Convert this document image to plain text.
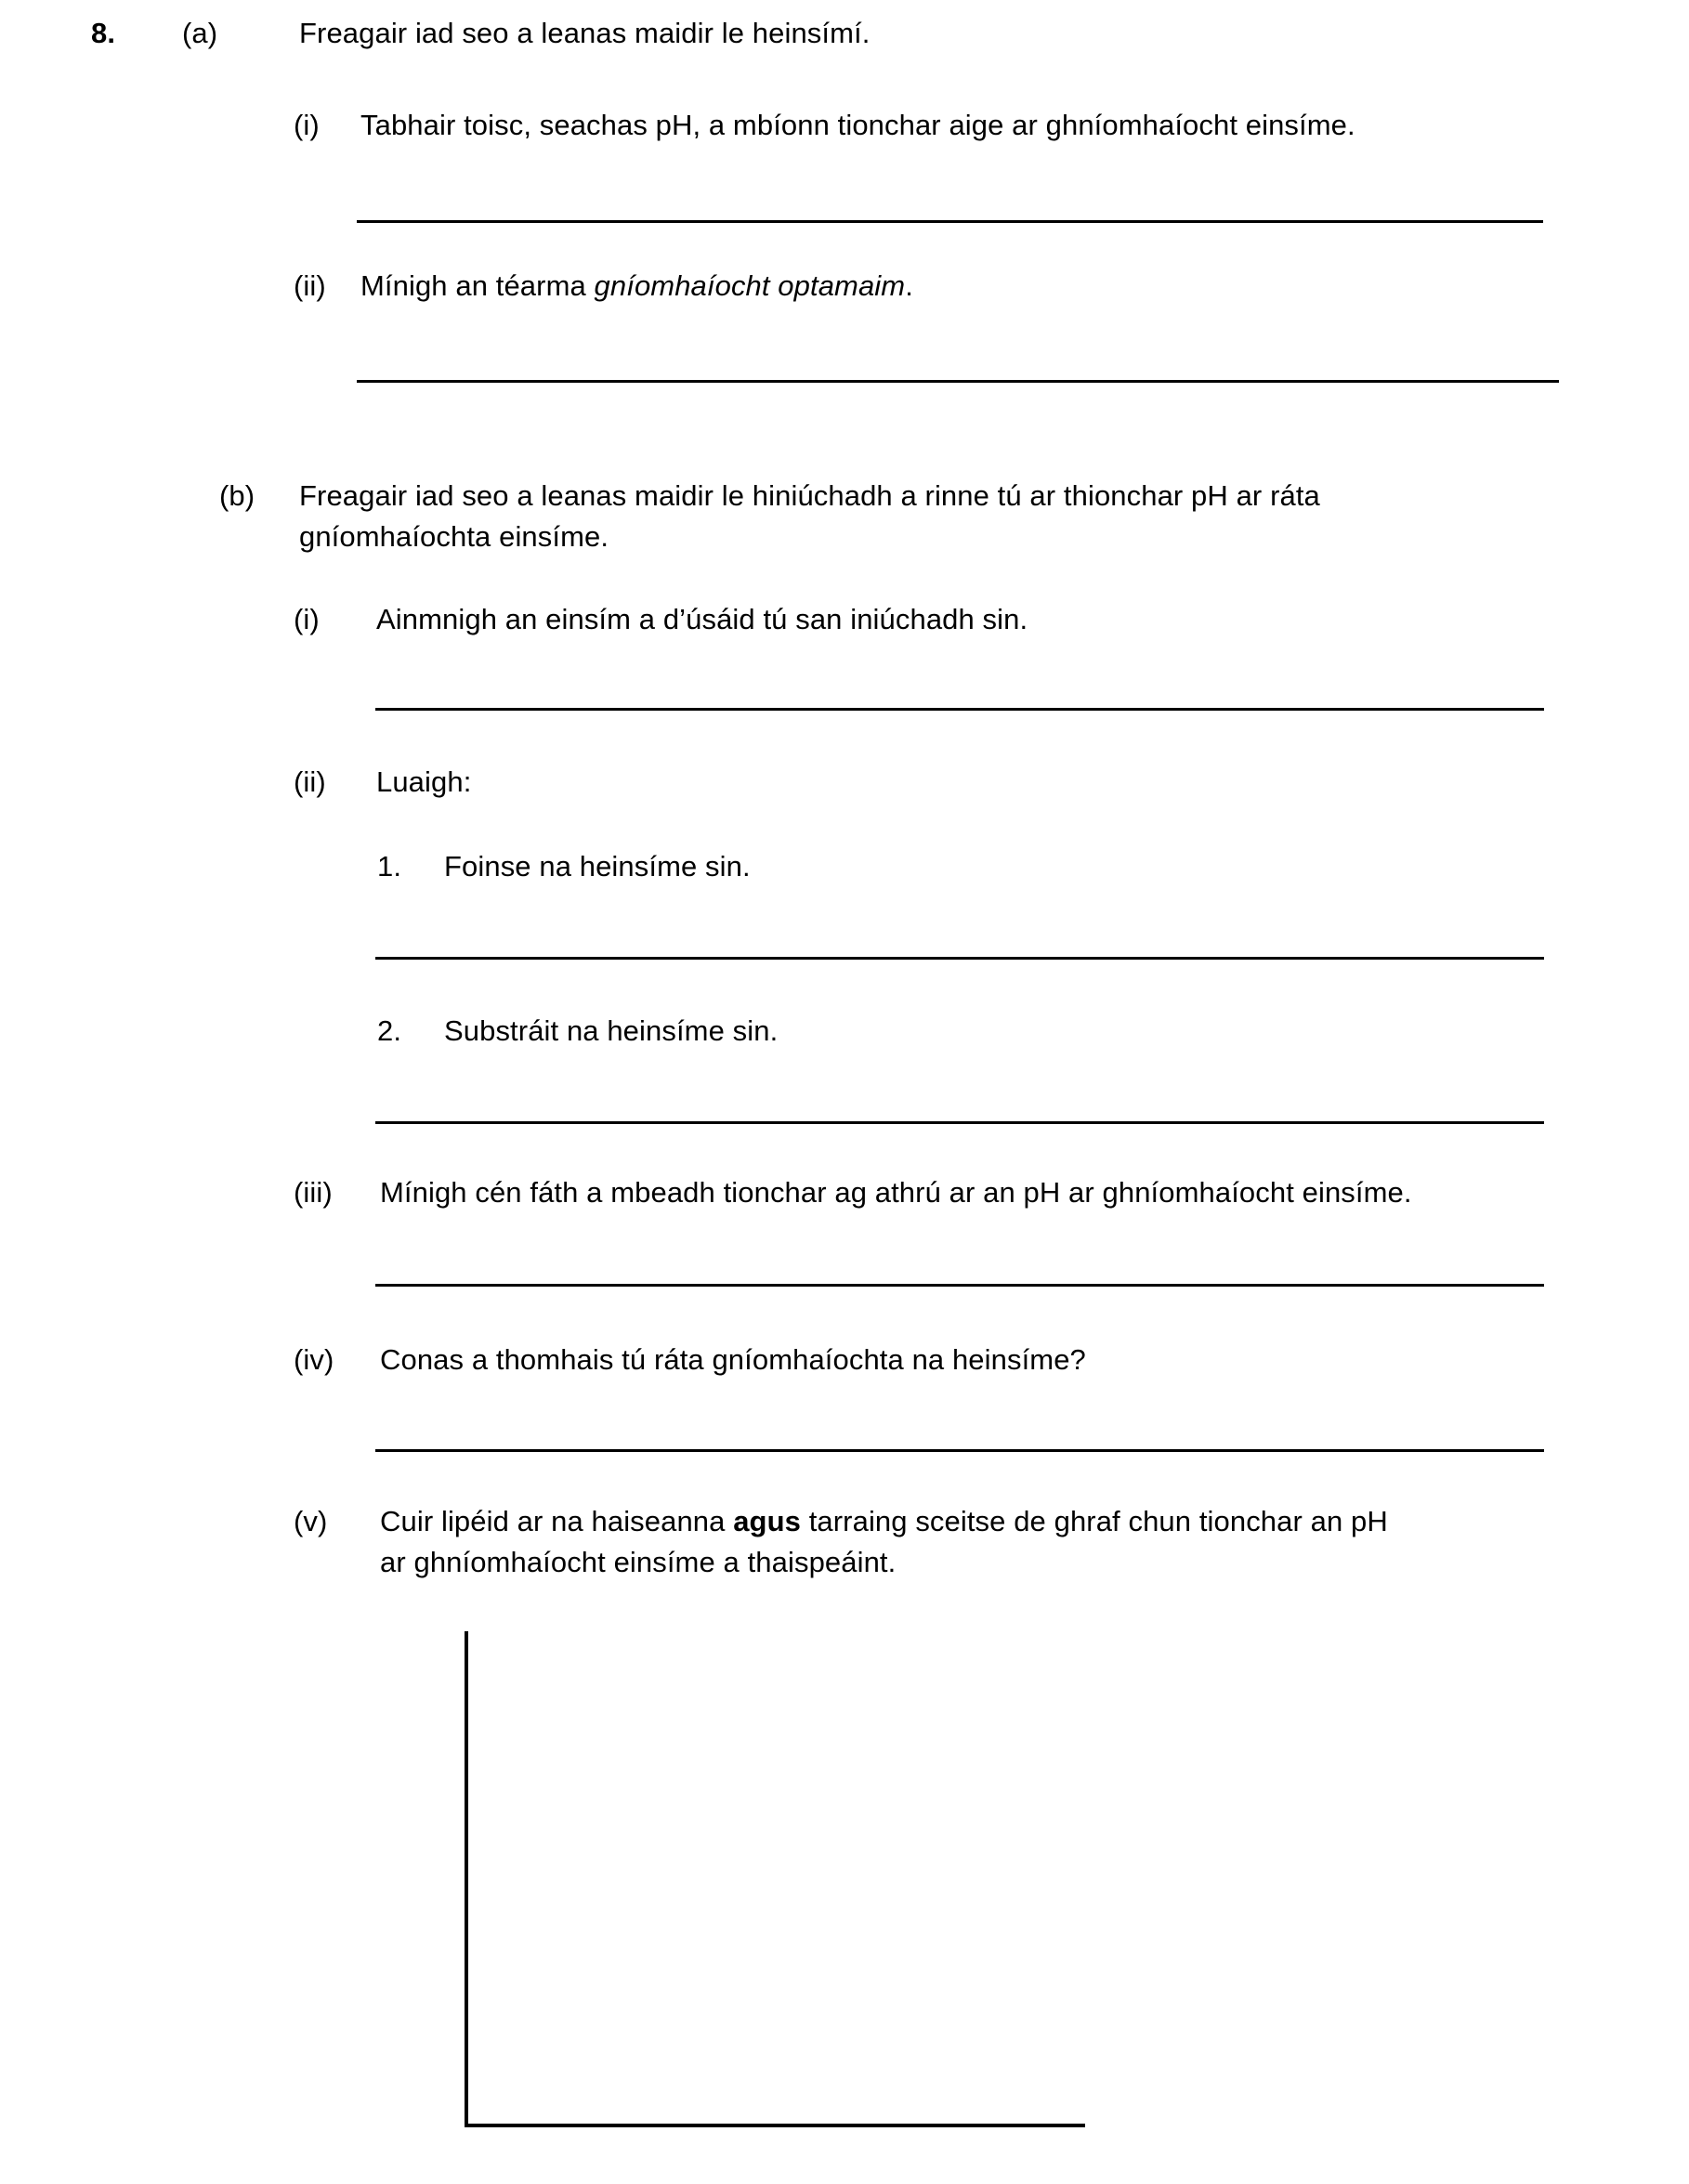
8. (a)	Freagair iad seo a leanas maidir le heinsímí.
(i) Tabhair toisc, seachas pH, a mbíonn tionchar aige ar ghníomhaíocht einsíme.
(ii) Mínigh an téarma gníomhaíocht optamaim.
(b) Freagair iad seo a leanas maidir le hiniúchadh a rinne tú ar thionchar pH ar ráta
gníomhaíochta einsíme.
(i) Ainmnigh an einsím a d’úsáid tú san iniúchadh sin.
(ii) Luaigh:
1. Foinse na heinsíme sin.
2. Substráit na heinsíme sin.
(iii) Mínigh cén fáth a mbeadh tionchar ag athrú ar an pH ar ghníomhaíocht einsíme.
(iv) Conas a thomhais tú ráta gníomhaíochta na heinsíme?
(v) Cuir lipéid ar na haiseanna agus tarraing sceitse de ghraf chun tionchar an pH
ar ghníomhaíocht einsíme a thaispeáint.
